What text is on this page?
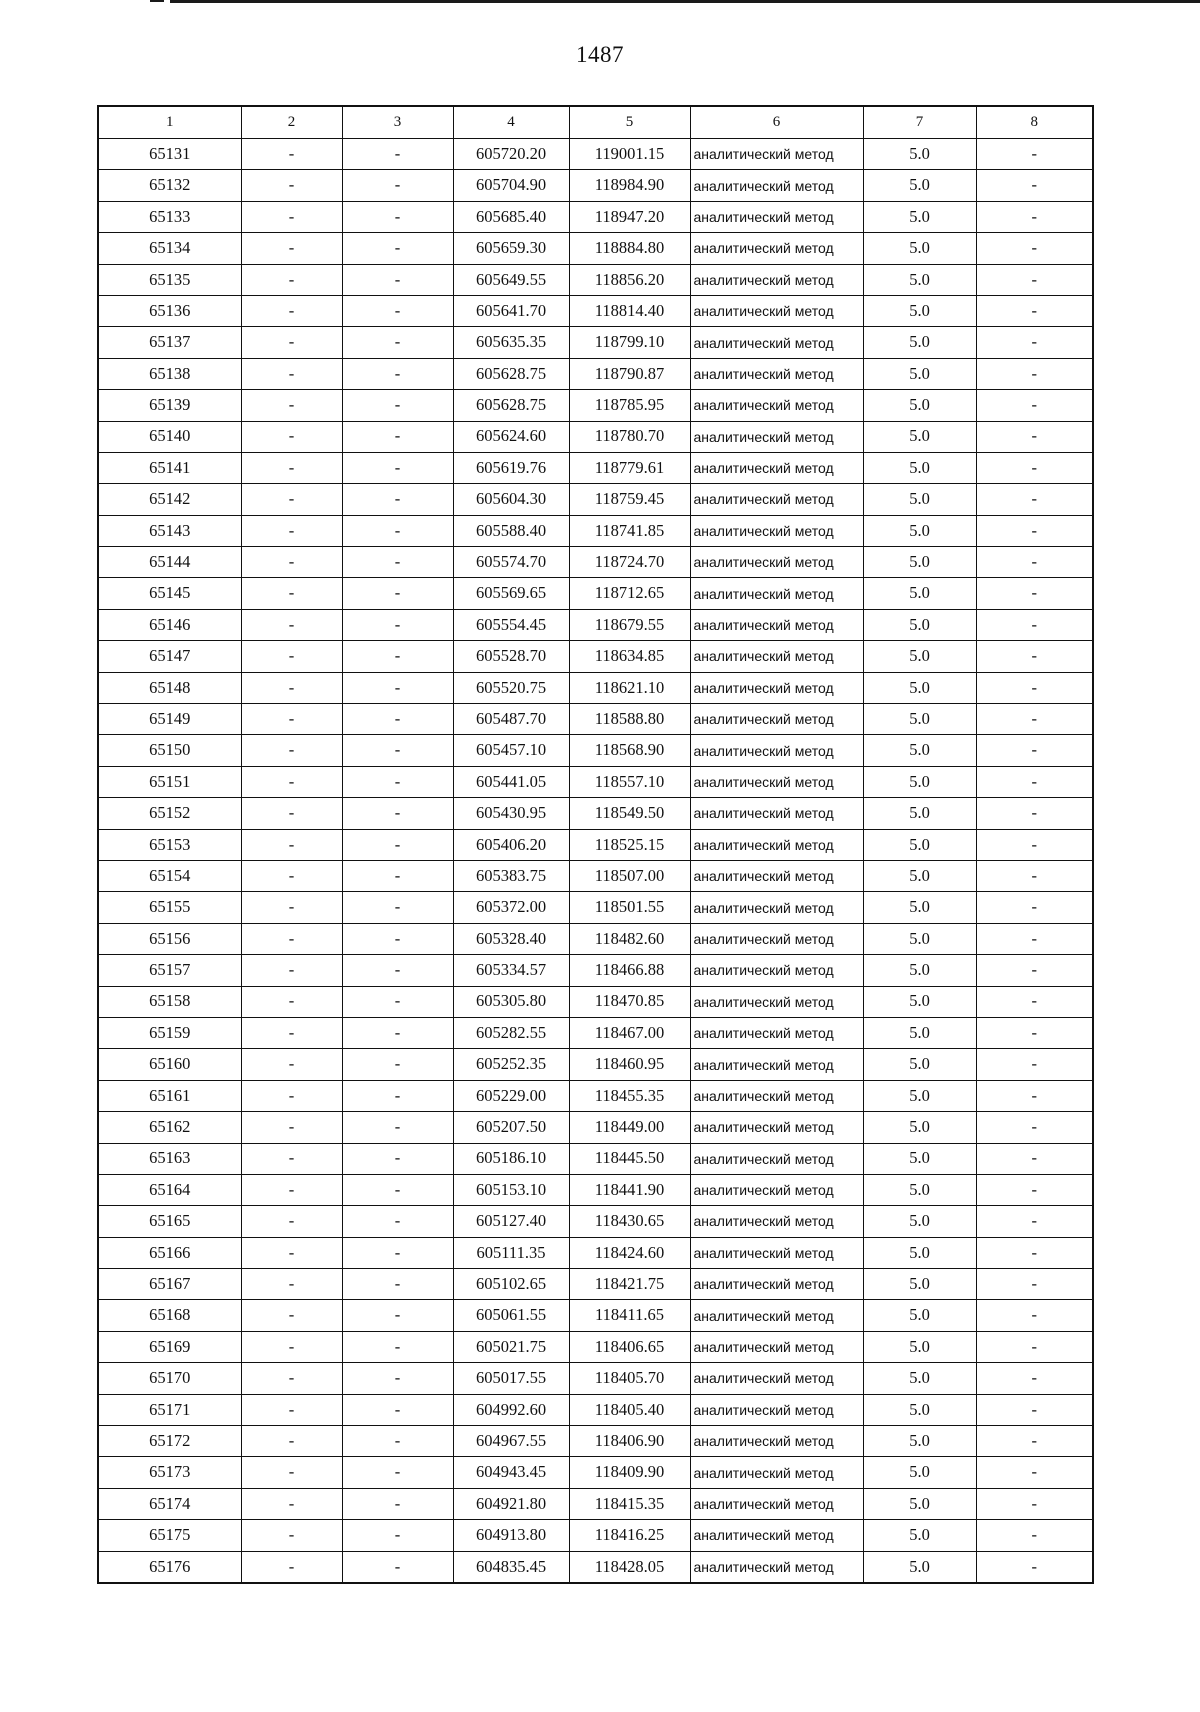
1487
1	2	3	4	5	6	7	8
65131	-	-	605720.20	119001.15	аналитический метод	5.0	-
65132	-	-	605704.90	118984.90	аналитический метод	5.0	-
65133	-	-	605685.40	118947.20	аналитический метод	5.0	-
65134	-	-	605659.30	118884.80	аналитический метод	5.0	-
65135	-	-	605649.55	118856.20	аналитический метод	5.0	-
65136	-	-	605641.70	118814.40	аналитический метод	5.0	-
65137	-	-	605635.35	118799.10	аналитический метод	5.0	-
65138	-	-	605628.75	118790.87	аналитический метод	5.0	-
65139	-	-	605628.75	118785.95	аналитический метод	5.0	-
65140	-	-	605624.60	118780.70	аналитический метод	5.0	-
65141	-	-	605619.76	118779.61	аналитический метод	5.0	-
65142	-	-	605604.30	118759.45	аналитический метод	5.0	-
65143	-	-	605588.40	118741.85	аналитический метод	5.0	-
65144	-	-	605574.70	118724.70	аналитический метод	5.0	-
65145	-	-	605569.65	118712.65	аналитический метод	5.0	-
65146	-	-	605554.45	118679.55	аналитический метод	5.0	-
65147	-	-	605528.70	118634.85	аналитический метод	5.0	-
65148	-	-	605520.75	118621.10	аналитический метод	5.0	-
65149	-	-	605487.70	118588.80	аналитический метод	5.0	-
65150	-	-	605457.10	118568.90	аналитический метод	5.0	-
65151	-	-	605441.05	118557.10	аналитический метод	5.0	-
65152	-	-	605430.95	118549.50	аналитический метод	5.0	-
65153	-	-	605406.20	118525.15	аналитический метод	5.0	-
65154	-	-	605383.75	118507.00	аналитический метод	5.0	-
65155	-	-	605372.00	118501.55	аналитический метод	5.0	-
65156	-	-	605328.40	118482.60	аналитический метод	5.0	-
65157	-	-	605334.57	118466.88	аналитический метод	5.0	-
65158	-	-	605305.80	118470.85	аналитический метод	5.0	-
65159	-	-	605282.55	118467.00	аналитический метод	5.0	-
65160	-	-	605252.35	118460.95	аналитический метод	5.0	-
65161	-	-	605229.00	118455.35	аналитический метод	5.0	-
65162	-	-	605207.50	118449.00	аналитический метод	5.0	-
65163	-	-	605186.10	118445.50	аналитический метод	5.0	-
65164	-	-	605153.10	118441.90	аналитический метод	5.0	-
65165	-	-	605127.40	118430.65	аналитический метод	5.0	-
65166	-	-	605111.35	118424.60	аналитический метод	5.0	-
65167	-	-	605102.65	118421.75	аналитический метод	5.0	-
65168	-	-	605061.55	118411.65	аналитический метод	5.0	-
65169	-	-	605021.75	118406.65	аналитический метод	5.0	-
65170	-	-	605017.55	118405.70	аналитический метод	5.0	-
65171	-	-	604992.60	118405.40	аналитический метод	5.0	-
65172	-	-	604967.55	118406.90	аналитический метод	5.0	-
65173	-	-	604943.45	118409.90	аналитический метод	5.0	-
65174	-	-	604921.80	118415.35	аналитический метод	5.0	-
65175	-	-	604913.80	118416.25	аналитический метод	5.0	-
65176	-	-	604835.45	118428.05	аналитический метод	5.0	-
